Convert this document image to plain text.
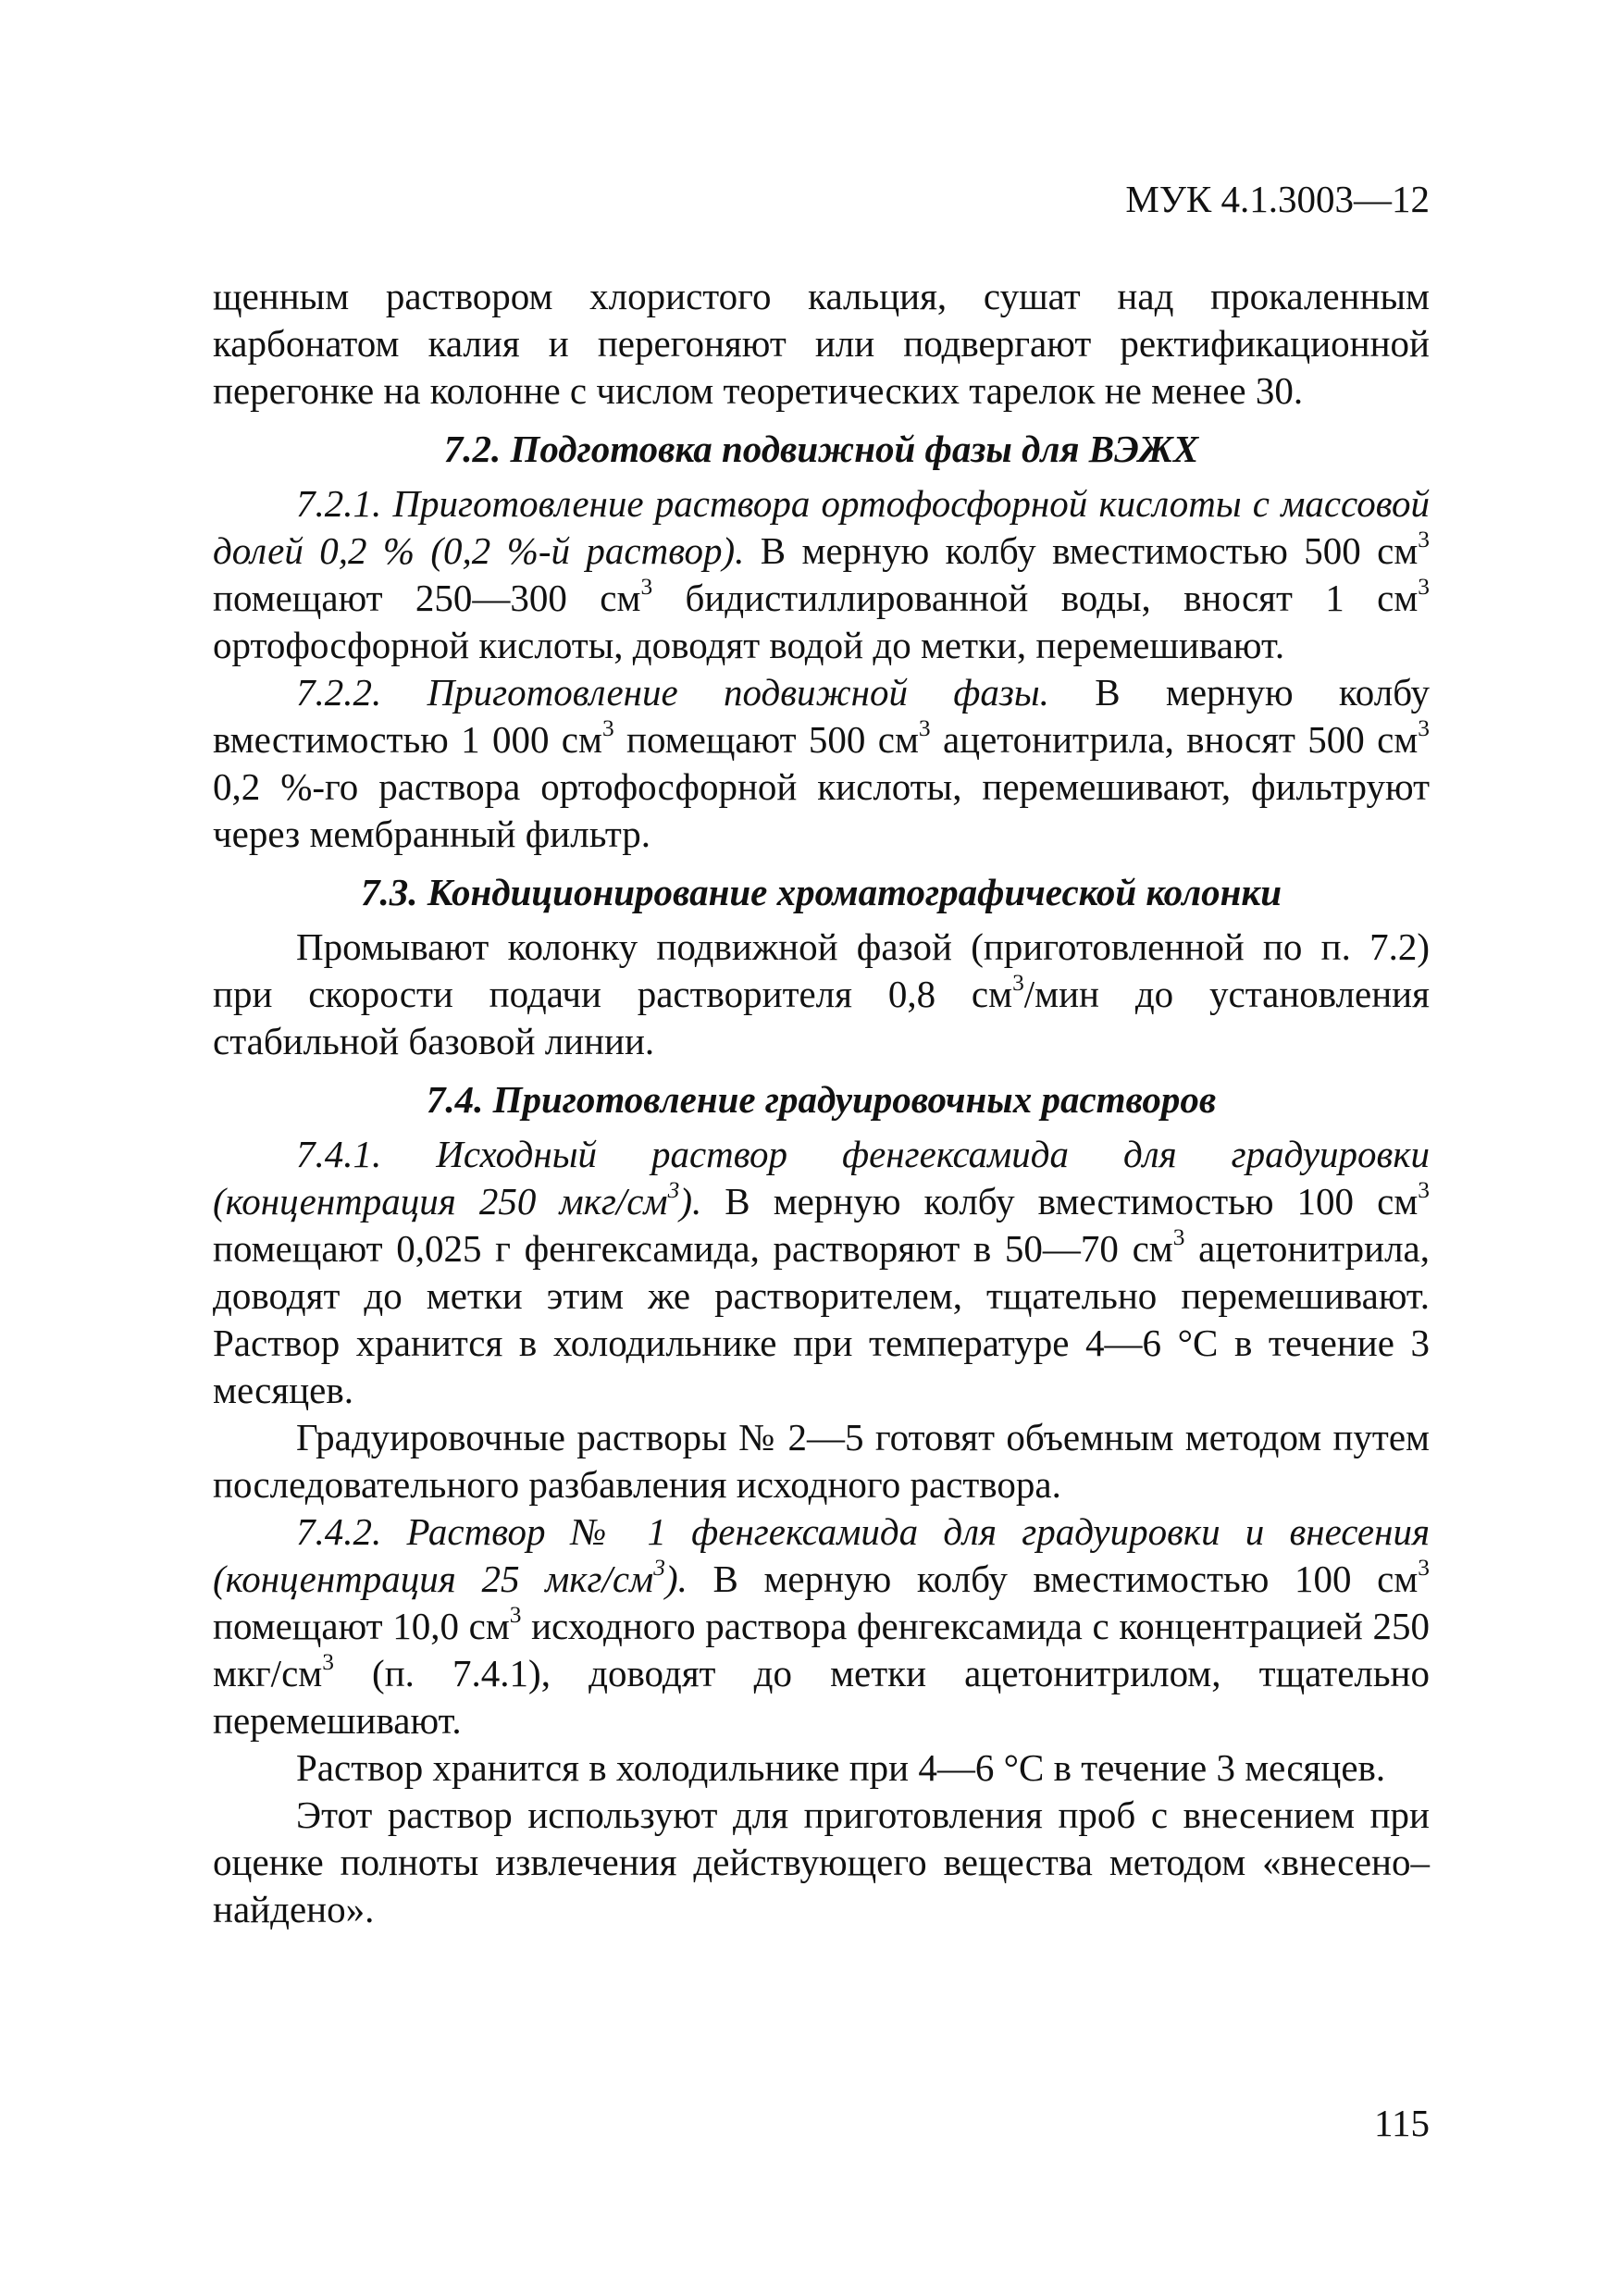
МУК 4.1.3003—12

щенным раствором хлористого кальция, сушат над прокаленным карбонатом калия и перегоняют или подвергают ректификационной перегонке на колонне с числом теоретических тарелок не менее 30.

7.2. Подготовка подвижной фазы для ВЭЖХ

7.2.1. Приготовление раствора ортофосфорной кислоты с массовой долей 0,2 % (0,2 %-й раствор). В мерную колбу вместимостью 500 $см^3$ помещают 250—300 $см^3$ бидистиллированной воды, вносят 1 $см^3$ ортофосфорной кислоты, доводят водой до метки, перемешивают.

7.2.2. Приготовление подвижной фазы. В мерную колбу вместимостью 1 000 $см^3$ помещают 500 $см^3$ ацетонитрила, вносят 500 $см^3$ 0,2 %-го раствора ортофосфорной кислоты, перемешивают, фильтруют через мембранный фильтр.

7.3. Кондиционирование хроматографической колонки

Промывают колонку подвижной фазой (приготовленной по п. 7.2) при скорости подачи растворителя 0,8 $см^3$/мин до установления стабильной базовой линии.

7.4. Приготовление градуировочных растворов

7.4.1. Исходный раствор фенгексамида для градуировки (концентрация 250 мкг/$см^3$). В мерную колбу вместимостью 100 $см^3$ помещают 0,025 г фенгексамида, растворяют в 50—70 $см^3$ ацетонитрила, доводят до метки этим же растворителем, тщательно перемешивают. Раствор хранится в холодильнике при температуре 4—6 °С в течение 3 месяцев.

Градуировочные растворы № 2—5 готовят объемным методом путем последовательного разбавления исходного раствора.

7.4.2. Раствор № 1 фенгексамида для градуировки и внесения (концентрация 25 мкг/$см^3$). В мерную колбу вместимостью 100 $см^3$ помещают 10,0 $см^3$ исходного раствора фенгексамида с концентрацией 250 мкг/$см^3$ (п. 7.4.1), доводят до метки ацетонитрилом, тщательно перемешивают.

Раствор хранится в холодильнике при 4—6 °С в течение 3 месяцев.

Этот раствор используют для приготовления проб с внесением при оценке полноты извлечения действующего вещества методом «внесено–найдено».

115
